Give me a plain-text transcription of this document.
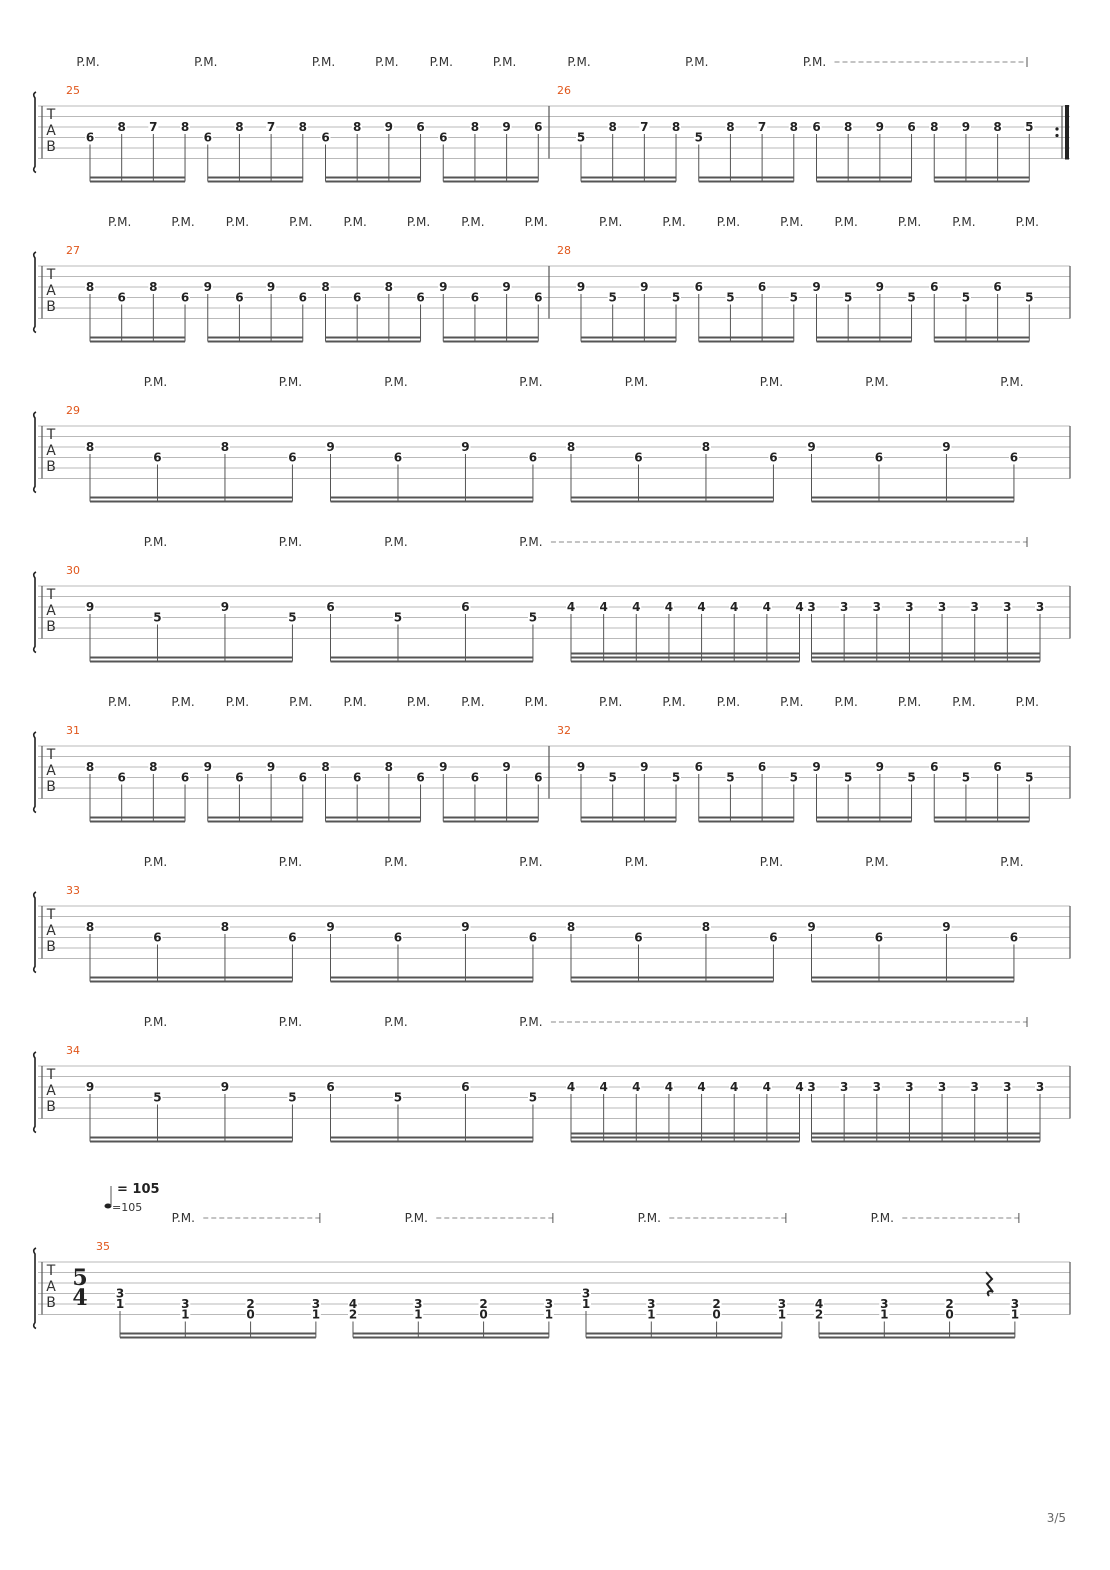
T
A
B
25
6
8 7 8
6
8 7 8
6
8 9 6
6
8 9 6
26
5
8 7 8
5
8 7 8 6 8 9 6 8 9 8 5
P.M.	P.M.	P.M.	P.M.	P.M.	P.M.	P.M.	P.M.	P.M.
T
A
B
27
8
6
8
6
9
6
9
6
8
6
8
6
9
6
9
6
28
9
5
9
5
6
5
6
5
9
5
9
5
6
5
6
5
P.M.	P.M.	P.M.	P.M.	P.M.	P.M.	P.M.	P.M.	P.M.	P.M.	P.M.	P.M.	P.M.	P.M.	P.M.	P.M.
T
A
B
29
8
6
8
6
9
6
9
6
8
6
8
6
9
6
9
6
P.M.	P.M.	P.M.	P.M.	P.M.	P.M.	P.M.	P.M.
T
A
B
30
9
5
9
5
6
5
6
5
4 4 4 4 4 4 4 4 3 3 3 3 3 3 3 3
P.M.	P.M.	P.M.	P.M.
T
A
B
31
8
6
8
6
9
6
9
6
8
6
8
6
9
6
9
6
32
9
5
9
5
6
5
6
5
9
5
9
5
6
5
6
5
P.M.	P.M.	P.M.	P.M.	P.M.	P.M.	P.M.	P.M.	P.M.	P.M.	P.M.	P.M.	P.M.	P.M.	P.M.	P.M.
T
A
B
33
8
6
8
6
9
6
9
6
8
6
8
6
9
6
9
6
P.M.	P.M.	P.M.	P.M.	P.M.	P.M.	P.M.	P.M.
T
A
B
34
9
5
9
5
6
5
6
5
4 4 4 4 4 4 4 4 3 3 3 3 3 3 3 3
P.M.	P.M.	P.M.	P.M.
T
A
B
35
3
1	3
1
2
0
3
1
4
2
3
1
2
0
3
1
3
1	3
1
2
0
3
1
4
2
3
1
2
0
3
1
5
4
= 105
=105
P.M.	P.M.	P.M.	P.M.
3/5
